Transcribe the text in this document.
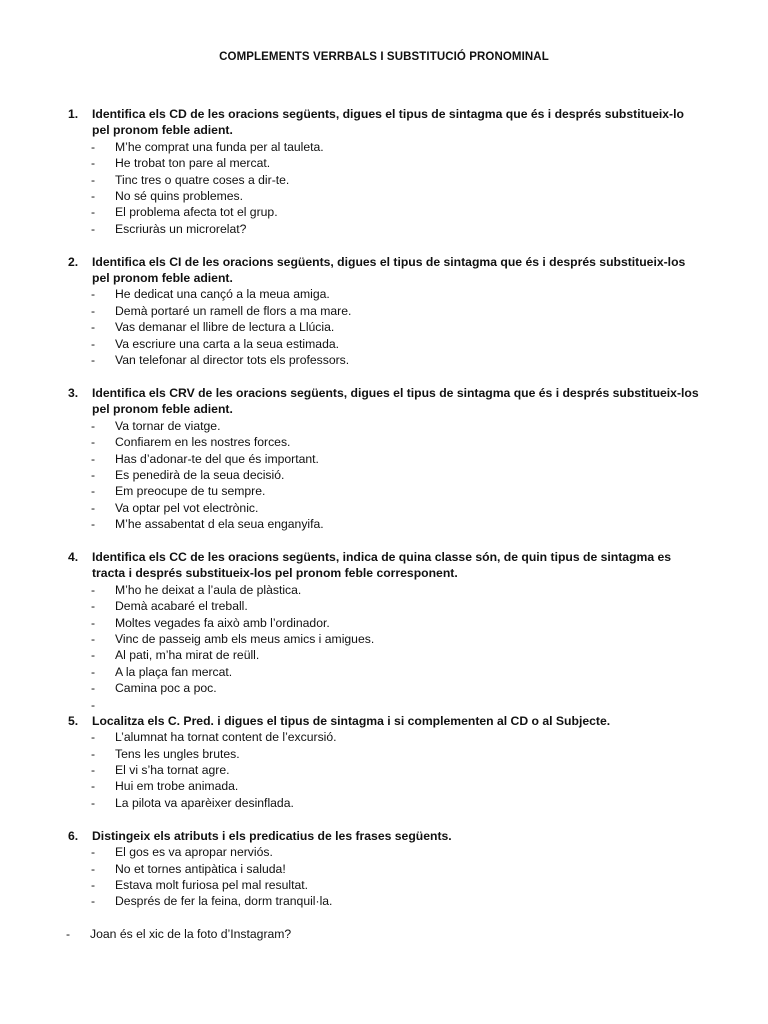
COMPLEMENTS VERRBALS I SUBSTITUCIÓ PRONOMINAL
1. Identifica els CD de les oracions següents, digues el tipus de sintagma que és i després substitueix-lo pel pronom feble adient.
- M’he comprat una funda per al tauleta.
- He trobat ton pare al mercat.
- Tinc tres o quatre coses a dir-te.
- No sé quins problemes.
- El problema afecta tot el grup.
- Escriuràs un microrelat?
2. Identifica els CI de les oracions següents, digues el tipus de sintagma que és i després substitueix-los pel pronom feble adient.
- He dedicat una cançó a la meua amiga.
- Demà portaré un ramell de flors a ma mare.
- Vas demanar el llibre de lectura a Llúcia.
- Va escriure una carta a la seua estimada.
- Van telefonar al director tots els professors.
3. Identifica els CRV de les oracions següents, digues el tipus de sintagma que és i després substitueix-los pel pronom feble adient.
- Va tornar de viatge.
- Confiarem en les nostres forces.
- Has d’adonar-te del que és important.
- Es penedirà de la seua decisió.
- Em preocupe de tu sempre.
- Va optar pel vot electrònic.
- M’he assabentat d ela seua enganyifa.
4. Identifica els CC de les oracions següents, indica de quina classe són, de quin tipus de sintagma es tracta i després substitueix-los pel pronom feble corresponent.
- M’ho he deixat a l’aula de plàstica.
- Demà acabaré el treball.
- Moltes vegades fa això amb l’ordinador.
- Vinc de passeig amb els meus amics i amigues.
- Al pati, m’ha mirat de reüll.
- A la plaça fan mercat.
- Camina poc a poc.
-
5. Localitza els C. Pred. i digues el tipus de sintagma i si complementen al CD o al Subjecte.
- L’alumnat ha tornat content de l’excursió.
- Tens les ungles brutes.
- El vi s’ha tornat agre.
- Hui em trobe animada.
- La pilota va aparèixer desinflada.
6. Distingeix els atributs i els predicatius de les frases següents.
- El gos es va apropar nerviós.
- No et tornes antipàtica i saluda!
- Estava molt furiosa pel mal resultat.
- Després de fer la feina, dorm tranquil·la.
- Joan és el xic de la foto d’Instagram?
